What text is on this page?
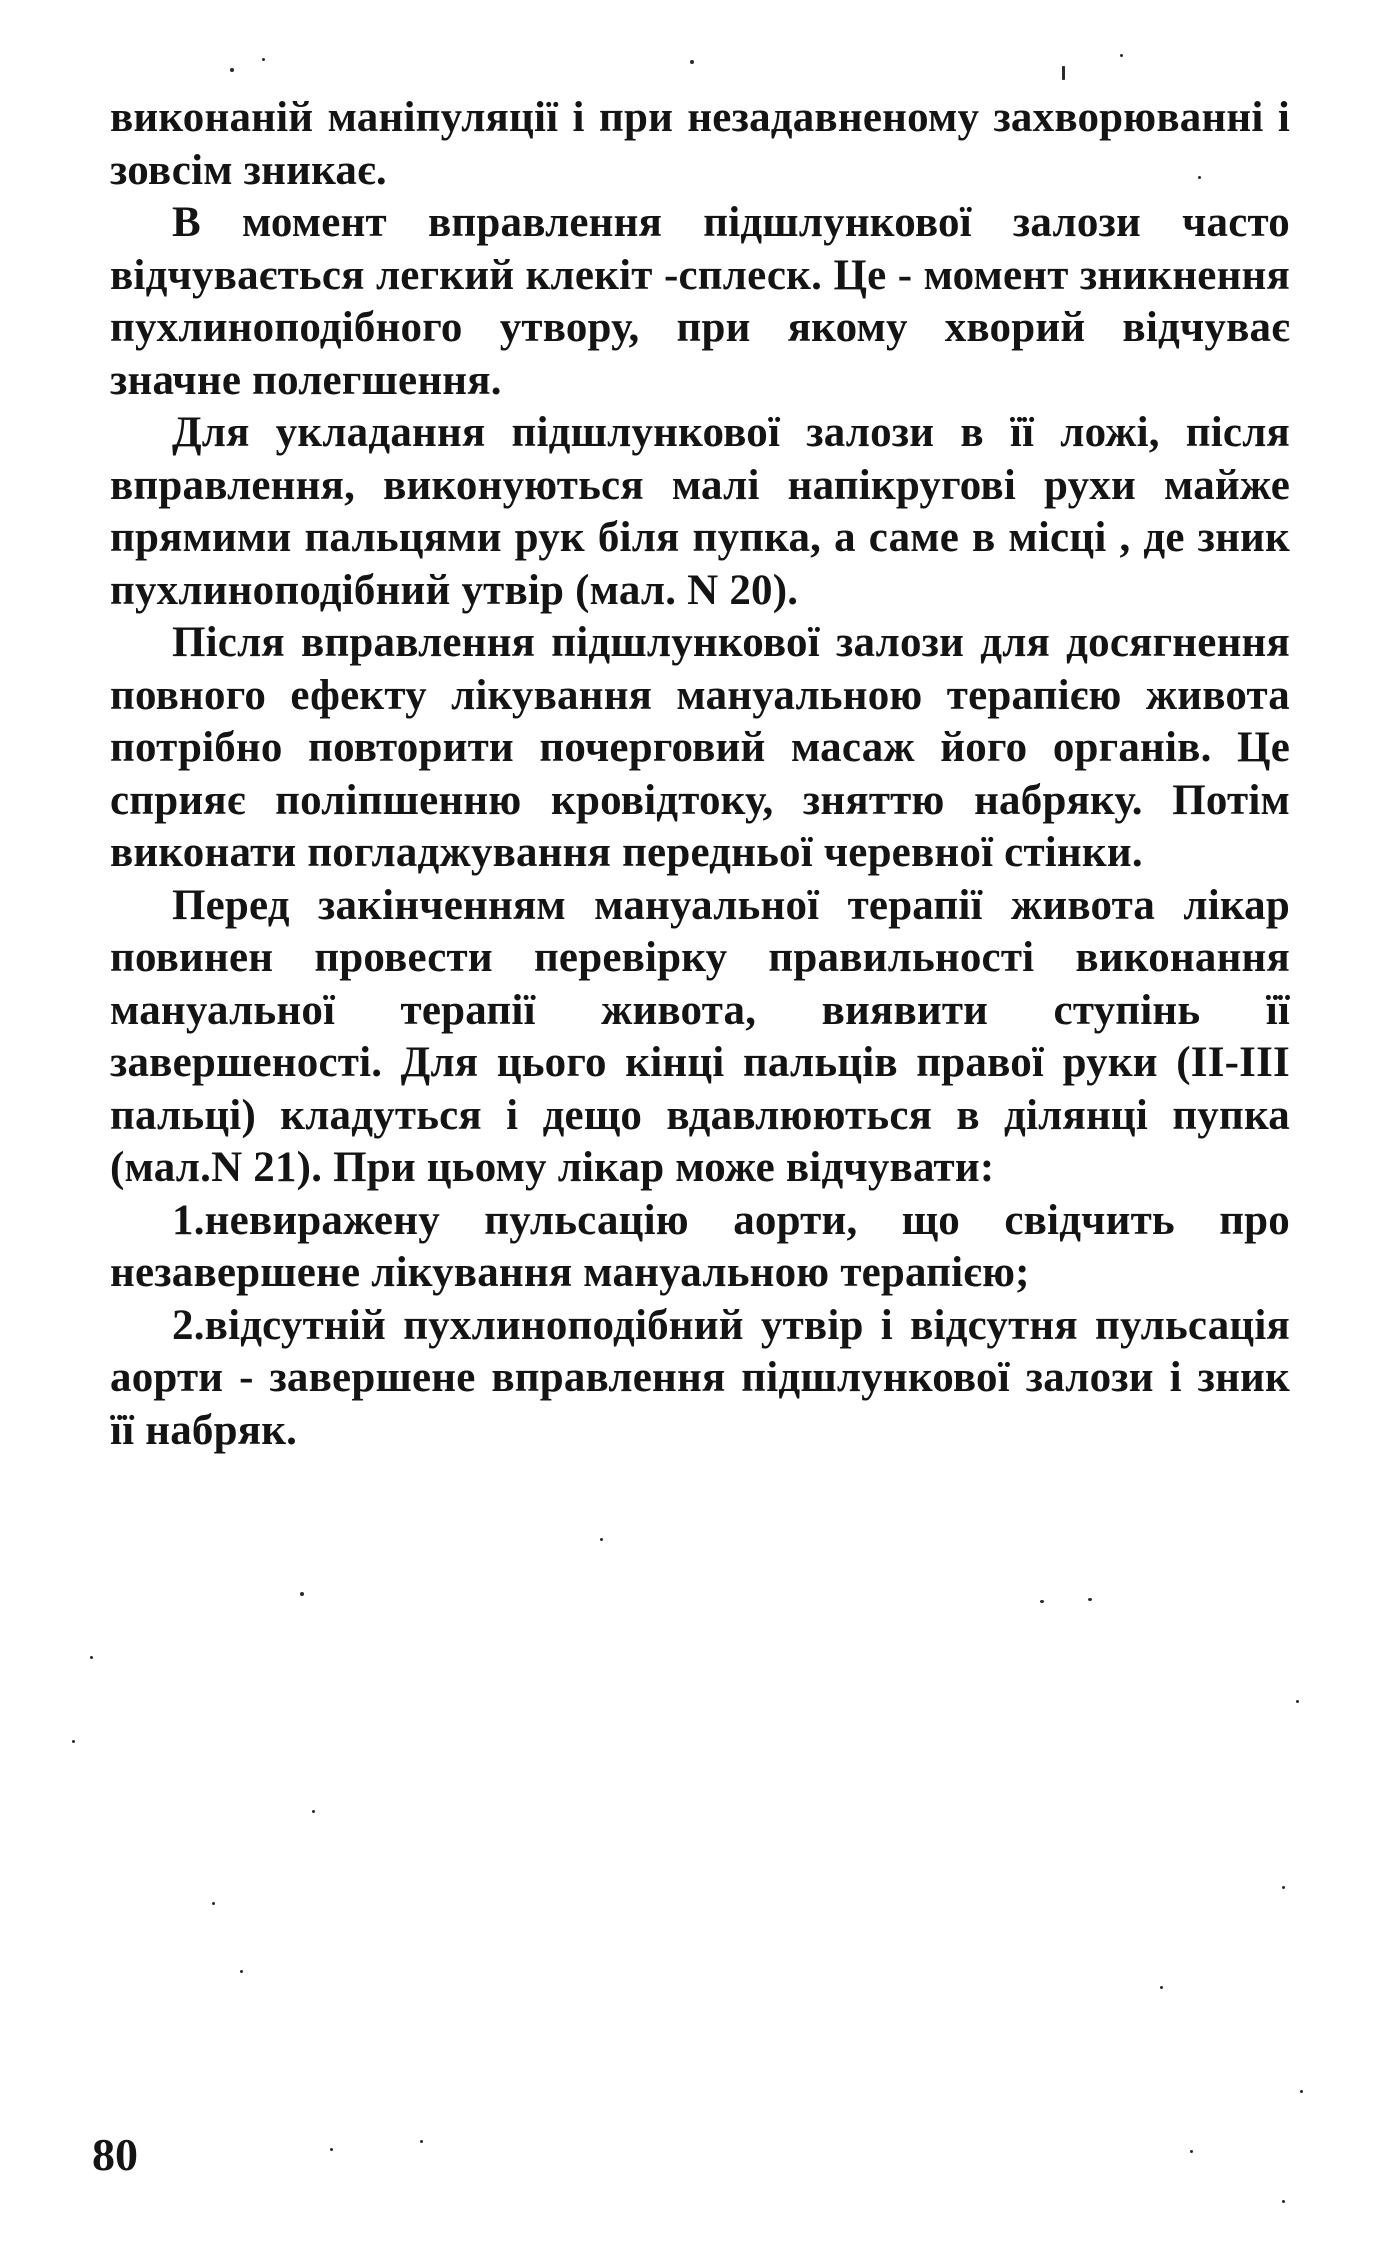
виконаній маніпуляції і при незадавненому захворюванні і зовсім зникає.

В момент вправлення підшлункової залози часто відчувається легкий клекіт -сплеск. Це - момент зникнення пухлиноподібного утвору, при якому хворий відчуває значне полегшення.

Для укладання підшлункової залози в її ложі, після вправлення, виконуються малі напікругові рухи майже прямими пальцями рук біля пупка, а саме в місці , де зник пухлиноподібний утвір (мал. N 20).

Після вправлення підшлункової залози для досягнення повного ефекту лікування мануальною терапією живота потрібно повторити почерговий масаж його органів. Це сприяє поліпшенню кровідтоку, зняттю набряку. Потім виконати погладжування передньої черевної стінки.

Перед закінченням мануальної терапії живота лікар повинен провести перевірку правильності виконання мануальної терапії живота, виявити ступінь її завершеності. Для цього кінці пальців правої руки (II-III пальці) кладуться і дещо вдавлюються в ділянці пупка (мал.N 21). При цьому лікар може відчувати:

1.невиражену пульсацію аорти, що свідчить про незавершене лікування мануальною терапією;

2.відсутній пухлиноподібний утвір і відсутня пульсація аорти - завершене вправлення підшлункової залози і зник її набряк.

80
